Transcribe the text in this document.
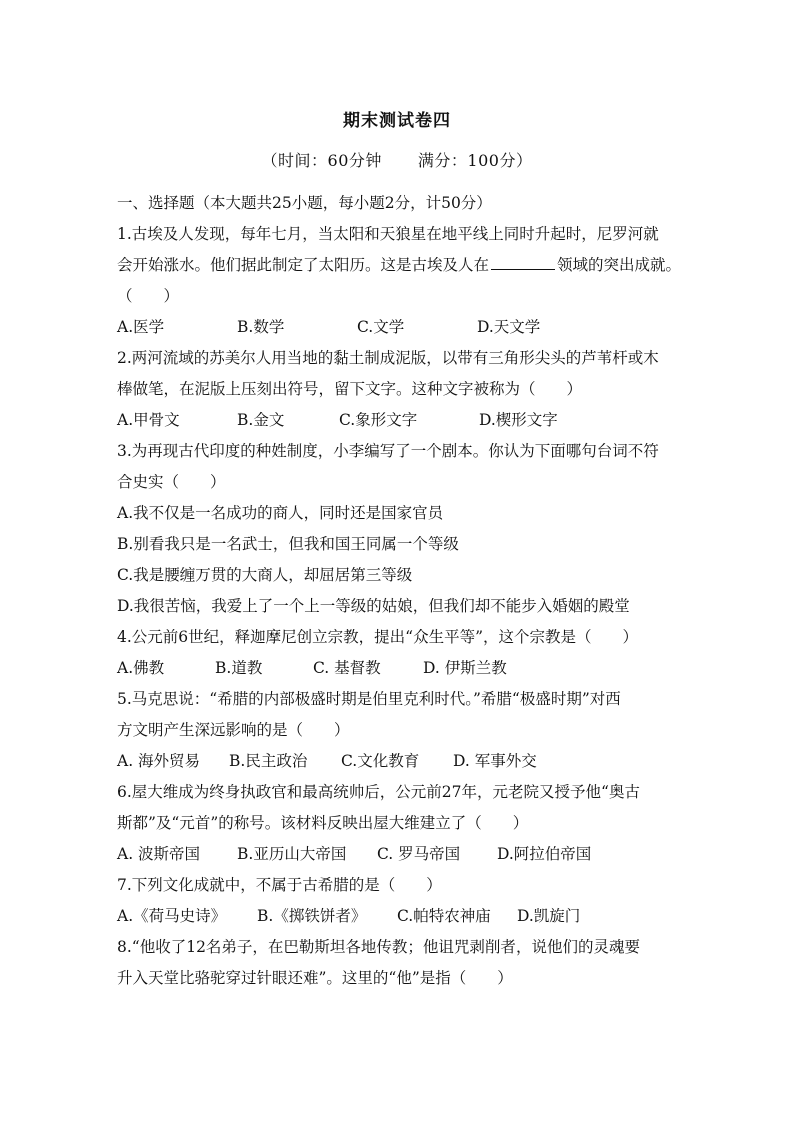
期末测试卷四
（时间：60分钟 满分：100分）
一、选择题（本大题共25小题，每小题2分，计50分）
1.古埃及人发现，每年七月，当太阳和天狼星在地平线上同时升起时，尼罗河就
会开始涨水。他们据此制定了太阳历。这是古埃及人在	领域的突出成就。
（　　）
A.医学	B.数学	C.文学	D.天文学
2.两河流域的苏美尔人用当地的黏土制成泥版，以带有三角形尖头的芦苇杆或木
棒做笔，在泥版上压刻出符号，留下文字。这种文字被称为（　　）
A.甲骨文	B.金文	C.象形文字	D.楔形文字
3.为再现古代印度的种姓制度，小李编写了一个剧本。你认为下面哪句台词不符
合史实（　　）
A.我不仅是一名成功的商人，同时还是国家官员
B.别看我只是一名武士，但我和国王同属一个等级
C.我是腰缠万贯的大商人，却屈居第三等级
D.我很苦恼，我爱上了一个上一等级的姑娘，但我们却不能步入婚姻的殿堂
4.公元前6世纪，释迦摩尼创立宗教，提出“众生平等”，这个宗教是（　　）
A.佛教	B.道教	C. 基督教	D. 伊斯兰教
5.马克思说：“希腊的内部极盛时期是伯里克利时代。”希腊“极盛时期”对西
方文明产生深远影响的是（　　）
A. 海外贸易	B.民主政治	C.文化教育	D. 军事外交
6.屋大维成为终身执政官和最高统帅后，公元前27年，元老院又授予他“奥古
斯都”及“元首”的称号。该材料反映出屋大维建立了（　　）
A. 波斯帝国	B.亚历山大帝国	C. 罗马帝国	D.阿拉伯帝国
7.下列文化成就中，不属于古希腊的是（　　）
A.《荷马史诗》	B.《掷铁饼者》	C.帕特农神庙	D.凯旋门
8.“他收了12名弟子，在巴勒斯坦各地传教；他诅咒剥削者，说他们的灵魂要
升入天堂比骆驼穿过针眼还难”。这里的“他”是指（　　）
